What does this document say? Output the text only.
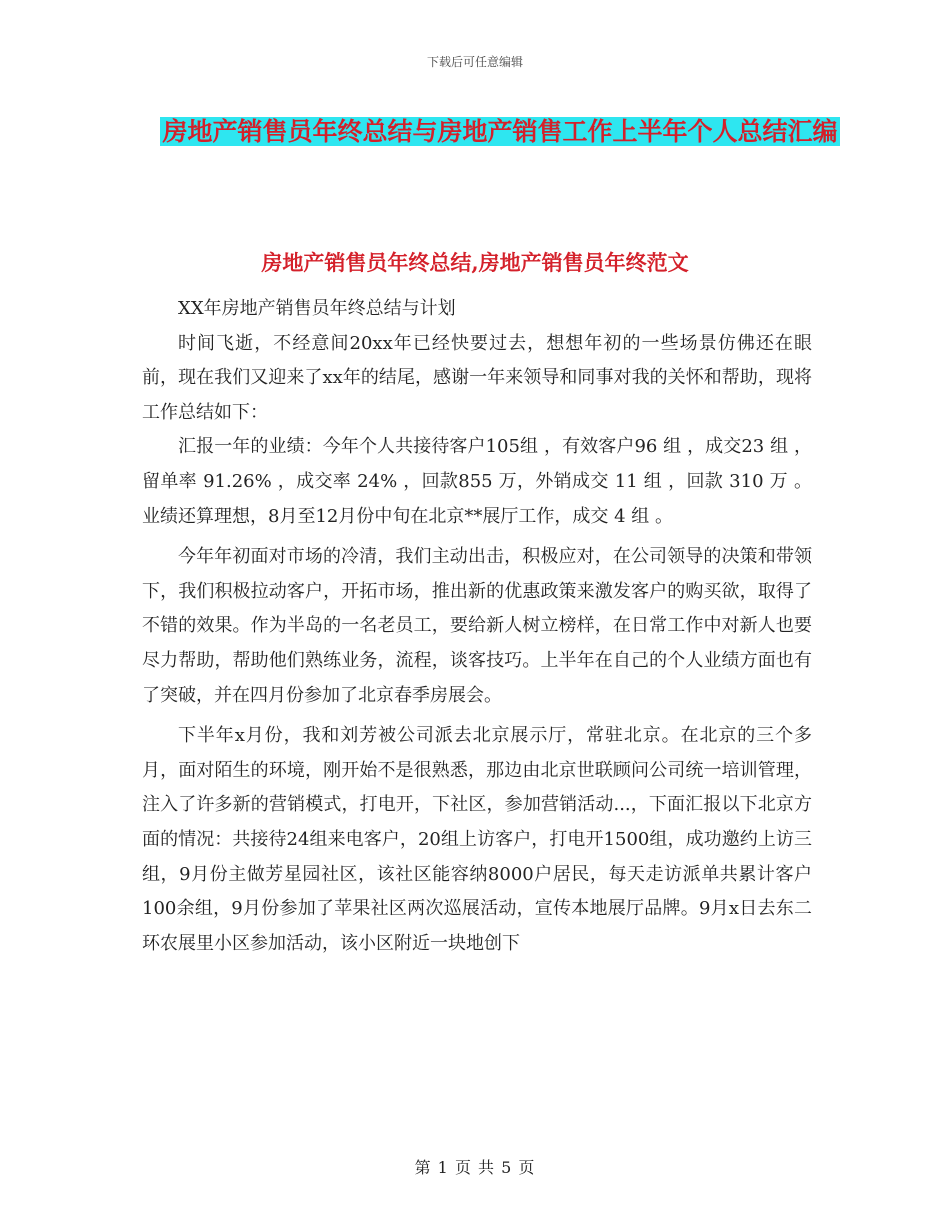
下载后可任意编辑
房地产销售员年终总结与房地产销售工作上半年个人总结汇编
房地产销售员年终总结,房地产销售员年终范文

XX年房地产销售员年终总结与计划

时间飞逝，不经意间20xx年已经快要过去，想想年初的一些场景仿佛还在眼前，现在我们又迎来了xx年的结尾，感谢一年来领导和同事对我的关怀和帮助，现将工作总结如下：

汇报一年的业绩：今年个人共接待客户105组 ，有效客户96 组 ，成交23 组 ，留单率 91.26% ，成交率 24% ，回款855 万，外销成交 11 组 ，回款 310 万 。业绩还算理想，8月至12月份中旬在北京**展厅工作，成交 4 组 。

今年年初面对市场的冷清，我们主动出击，积极应对，在公司领导的决策和带领下，我们积极拉动客户，开拓市场，推出新的优惠政策来激发客户的购买欲，取得了不错的效果。作为半岛的一名老员工，要给新人树立榜样，在日常工作中对新人也要尽力帮助，帮助他们熟练业务，流程，谈客技巧。上半年在自己的个人业绩方面也有了突破，并在四月份参加了北京春季房展会。

下半年x月份，我和刘芳被公司派去北京展示厅，常驻北京。在北京的三个多月，面对陌生的环境，刚开始不是很熟悉，那边由北京世联顾问公司统一培训管理，注入了许多新的营销模式，打电开，下社区，参加营销活动...，下面汇报以下北京方面的情况：共接待24组来电客户，20组上访客户，打电开1500组，成功邀约上访三组，9月份主做芳星园社区，该社区能容纳8000户居民，每天走访派单共累计客户100余组，9月份参加了苹果社区两次巡展活动，宣传本地展厅品牌。9月x日去东二环农展里小区参加活动，该小区附近一块地创下

第 1 页 共 5 页
